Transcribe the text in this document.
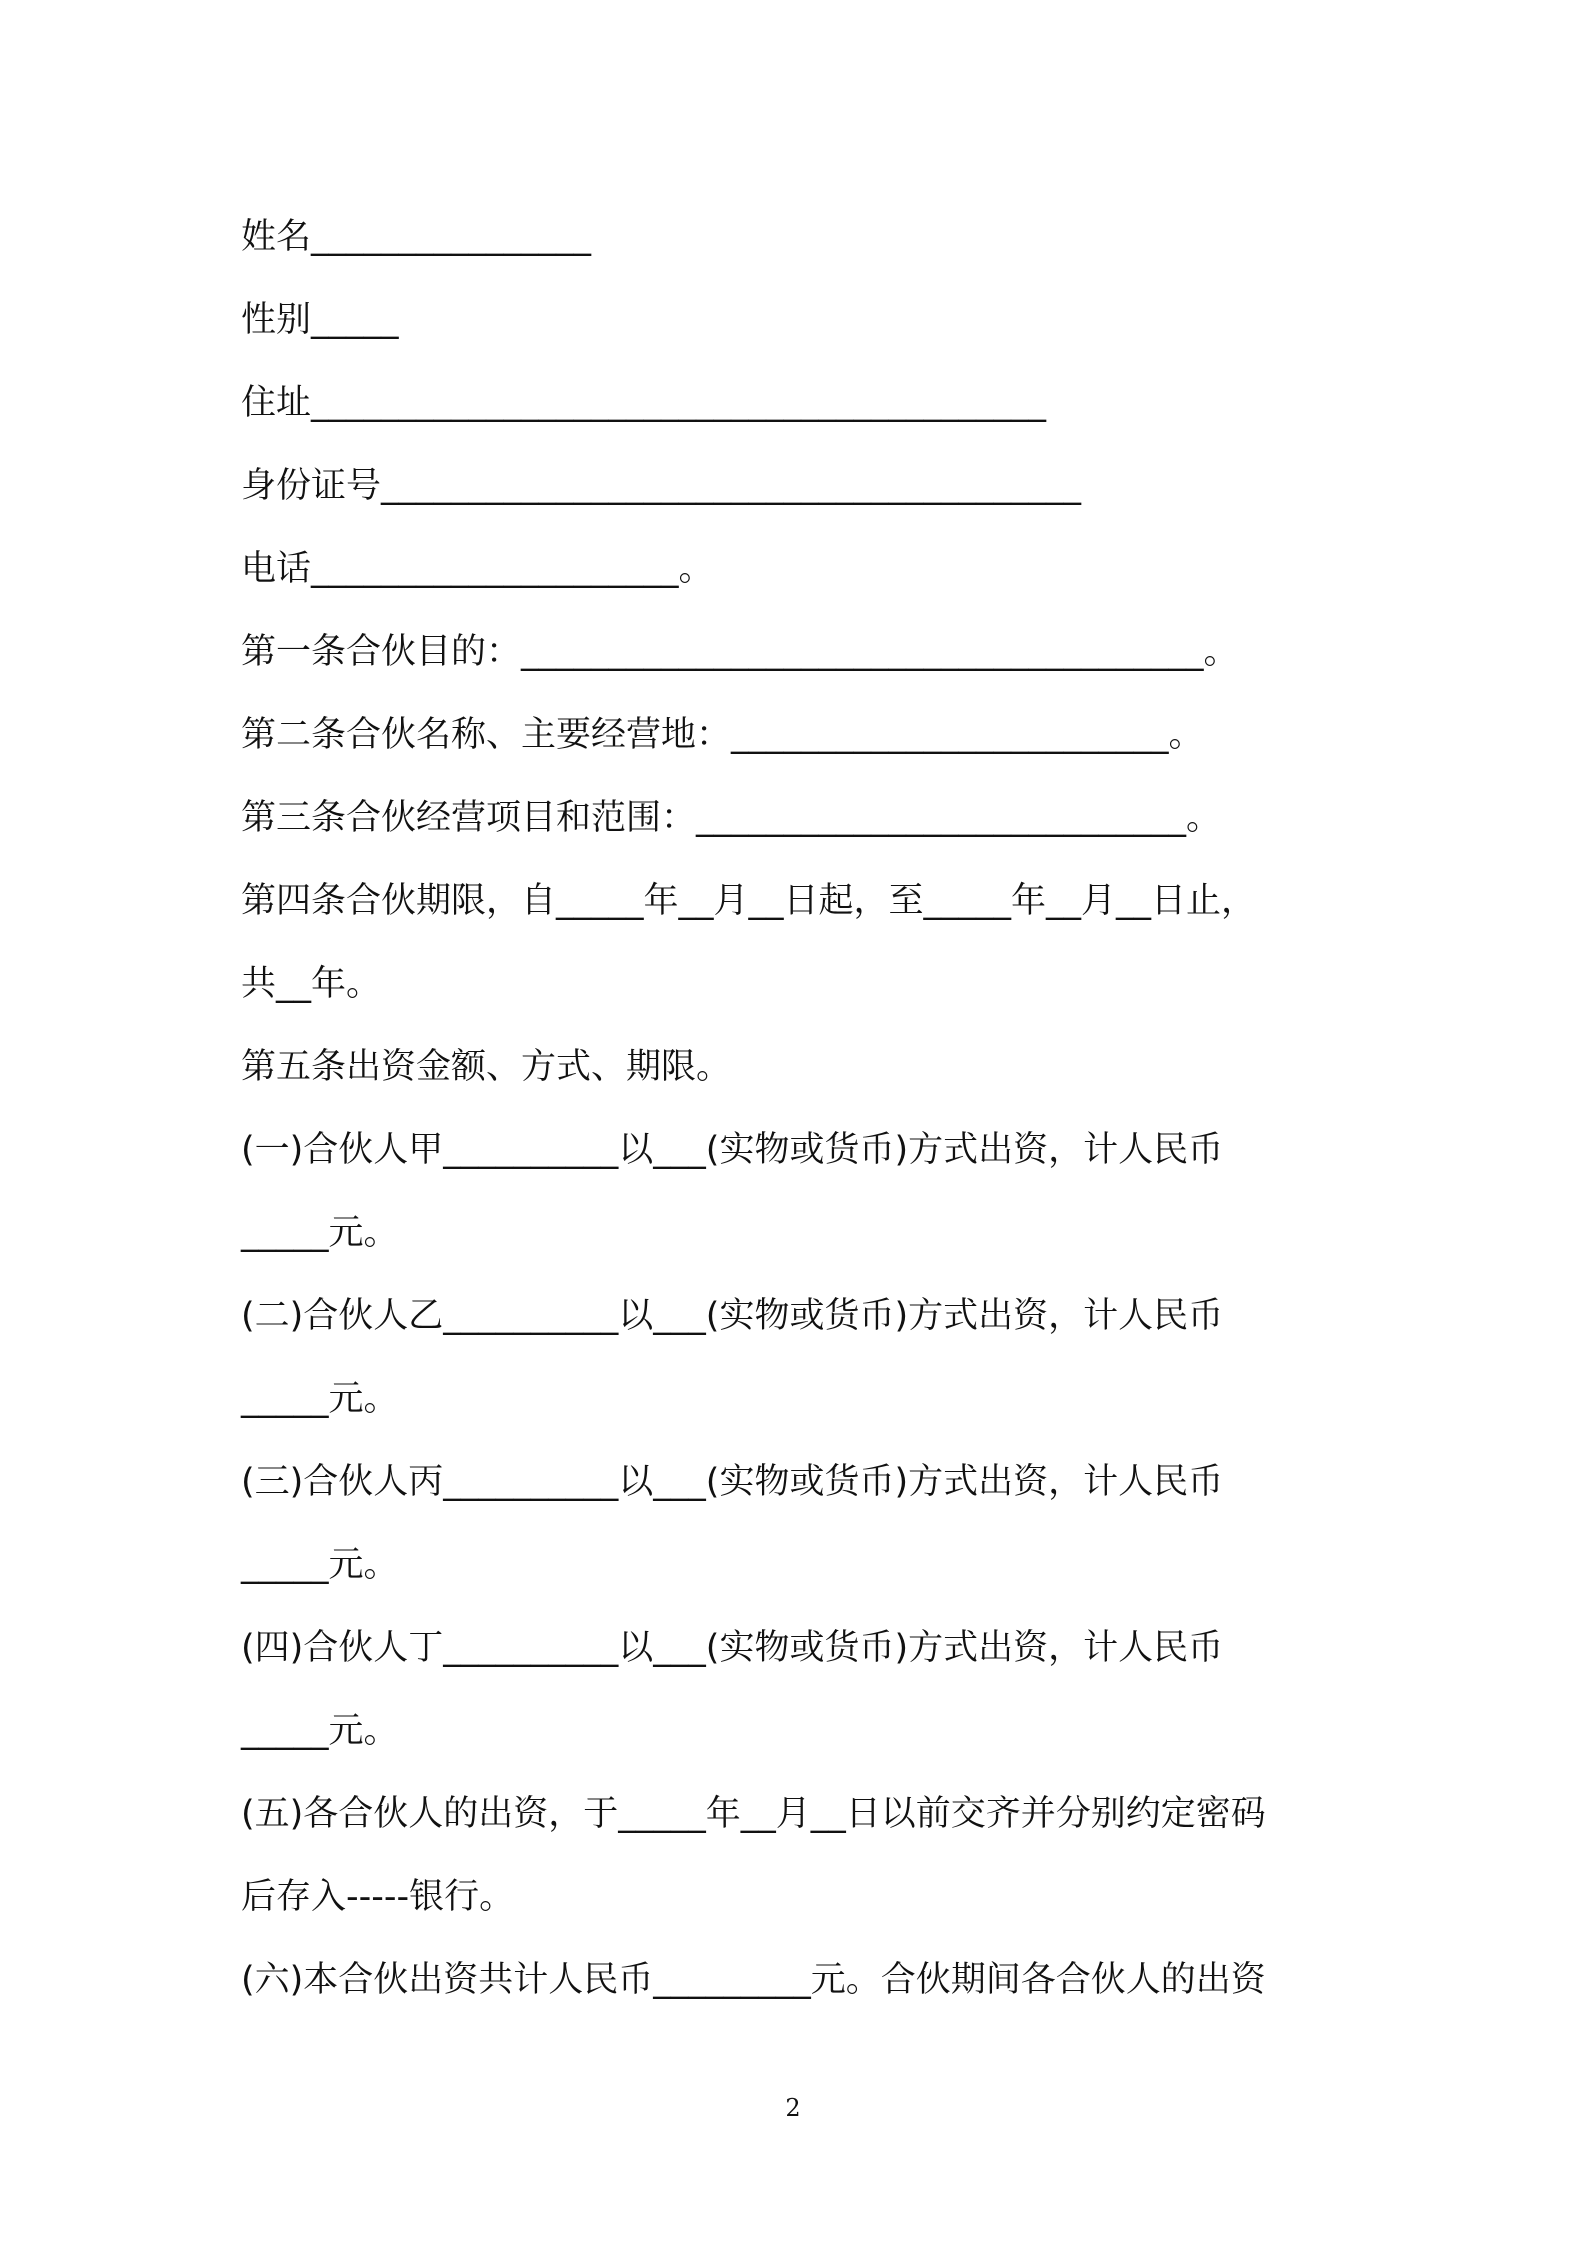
姓名________________
性别_____
住址__________________________________________
身份证号________________________________________
电话_____________________。
第一条合伙目的：_______________________________________。
第二条合伙名称、主要经营地：_________________________。
第三条合伙经营项目和范围：____________________________。
第四条合伙期限，自_____年__月__日起，至_____年__月__日止，
共__年。
第五条出资金额、方式、期限。
(一)合伙人甲__________以___(实物或货币)方式出资，计人民币
_____元。
(二)合伙人乙__________以___(实物或货币)方式出资，计人民币
_____元。
(三)合伙人丙__________以___(实物或货币)方式出资，计人民币
_____元。
(四)合伙人丁__________以___(实物或货币)方式出资，计人民币
_____元。
(五)各合伙人的出资，于_____年__月__日以前交齐并分别约定密码
后存入-----银行。
(六)本合伙出资共计人民币_________元。合伙期间各合伙人的出资
2
